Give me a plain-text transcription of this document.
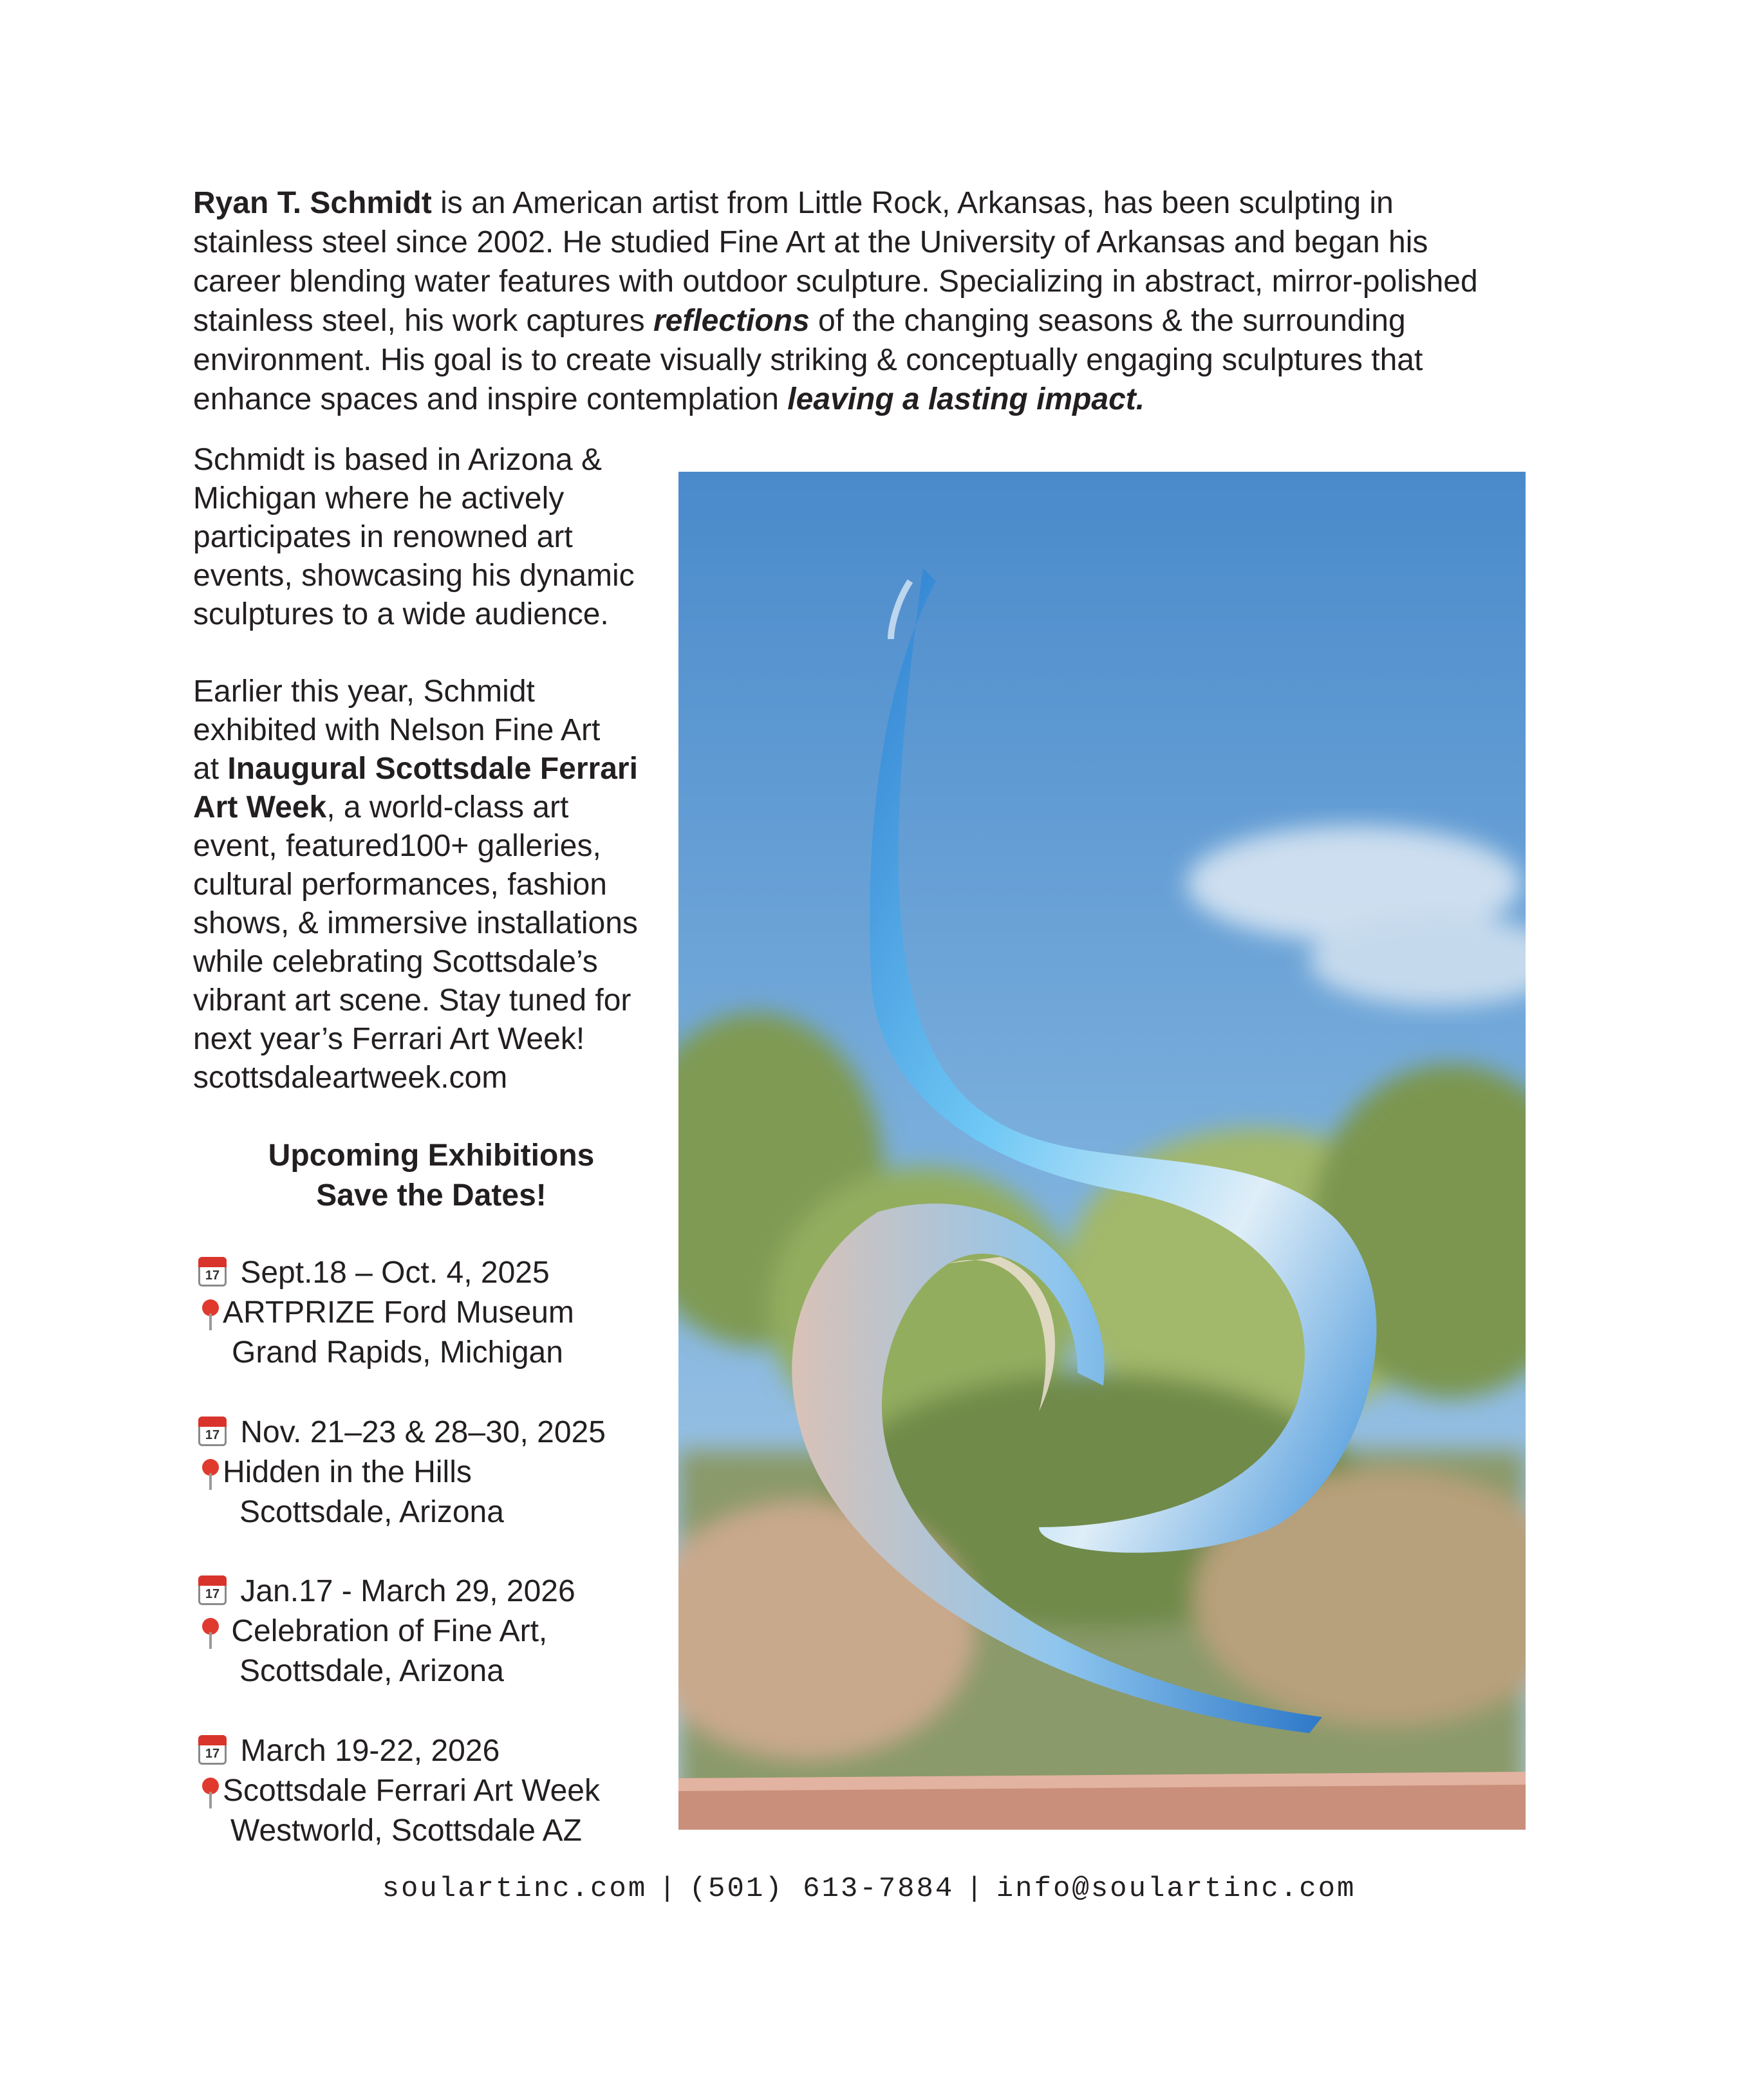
Ryan T. Schmidt is an American artist from Little Rock, Arkansas, has been sculpting in stainless steel since 2002. He studied Fine Art at the University of Arkansas and began his career blending water features with outdoor sculpture. Specializing in abstract, mirror-polished stainless steel, his work captures reflections of the changing seasons & the surrounding environment. His goal is to create visually striking & conceptually engaging sculptures that enhance spaces and inspire contemplation leaving a lasting impact.

Schmidt is based in Arizona &
Michigan where he actively
participates in renowned art
events, showcasing his dynamic
sculptures to a wide audience.

Earlier this year, Schmidt
exhibited with Nelson Fine Art
at Inaugural Scottsdale Ferrari
Art Week, a world-class art
event, featured100+ galleries,
cultural performances, fashion
shows, & immersive installations
while celebrating Scottsdale’s
vibrant art scene. Stay tuned for
next year’s Ferrari Art Week!
scottsdaleartweek.com

Upcoming Exhibitions
Save the Dates!
17 Sept.18 – Oct. 4, 2025
ARTPRIZE Ford Museum
Grand Rapids, Michigan
17 Nov. 21–23 & 28–30, 2025
Hidden in the Hills
Scottsdale, Arizona
17 Jan.17 - March 29, 2026
Celebration of Fine Art,
Scottsdale, Arizona
17 March 19-22, 2026
Scottsdale Ferrari Art Week
Westworld, Scottsdale AZ
soulartinc.com | (501) 613-7884 | info@soulartinc.com
